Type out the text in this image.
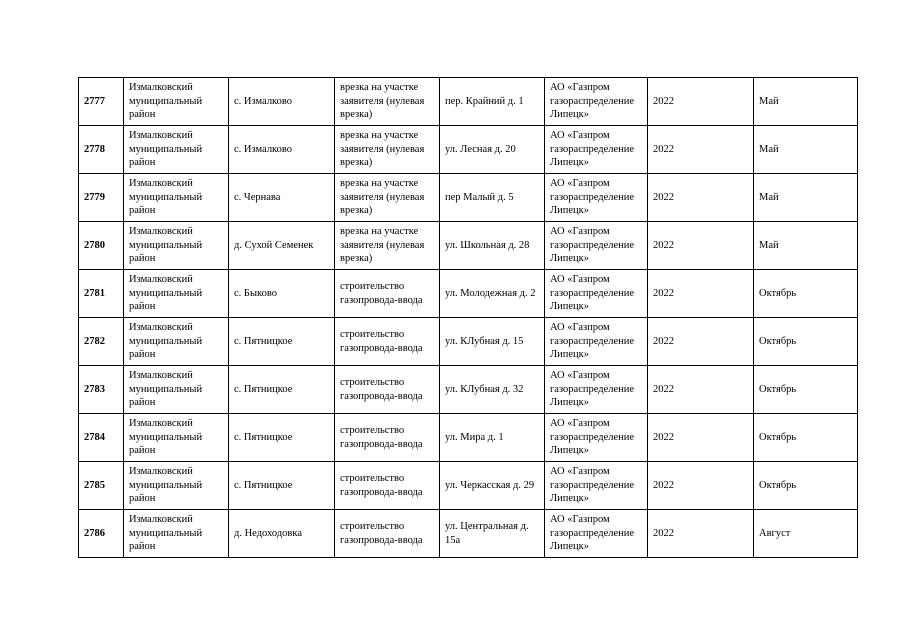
2777	Измалковский муниципальный район	с. Измалково	врезка на участке заявителя (нулевая врезка)	пер. Крайний д. 1	АО «Газпром газораспределение Липецк»	2022	Май
2778	Измалковский муниципальный район	с. Измалково	врезка на участке заявителя (нулевая врезка)	ул. Лесная д. 20	АО «Газпром газораспределение Липецк»	2022	Май
2779	Измалковский муниципальный район	с. Чернава	врезка на участке заявителя (нулевая врезка)	пер Малый д. 5	АО «Газпром газораспределение Липецк»	2022	Май
2780	Измалковский муниципальный район	д. Сухой Семенек	врезка на участке заявителя (нулевая врезка)	ул. Школьная д. 28	АО «Газпром газораспределение Липецк»	2022	Май
2781	Измалковский муниципальный район	с. Быково	строительство газопровода-ввода	ул. Молодежная д. 2	АО «Газпром газораспределение Липецк»	2022	Октябрь
2782	Измалковский муниципальный район	с. Пятницкое	строительство газопровода-ввода	ул. КЛубная д. 15	АО «Газпром газораспределение Липецк»	2022	Октябрь
2783	Измалковский муниципальный район	с. Пятницкое	строительство газопровода-ввода	ул. КЛубная д. 32	АО «Газпром газораспределение Липецк»	2022	Октябрь
2784	Измалковский муниципальный район	с. Пятницкое	строительство газопровода-ввода	ул. Мира д. 1	АО «Газпром газораспределение Липецк»	2022	Октябрь
2785	Измалковский муниципальный район	с. Пятницкое	строительство газопровода-ввода	ул. Черкасская д. 29	АО «Газпром газораспределение Липецк»	2022	Октябрь
2786	Измалковский муниципальный район	д. Недоходовка	строительство газопровода-ввода	ул. Центральная д. 15а	АО «Газпром газораспределение Липецк»	2022	Август
